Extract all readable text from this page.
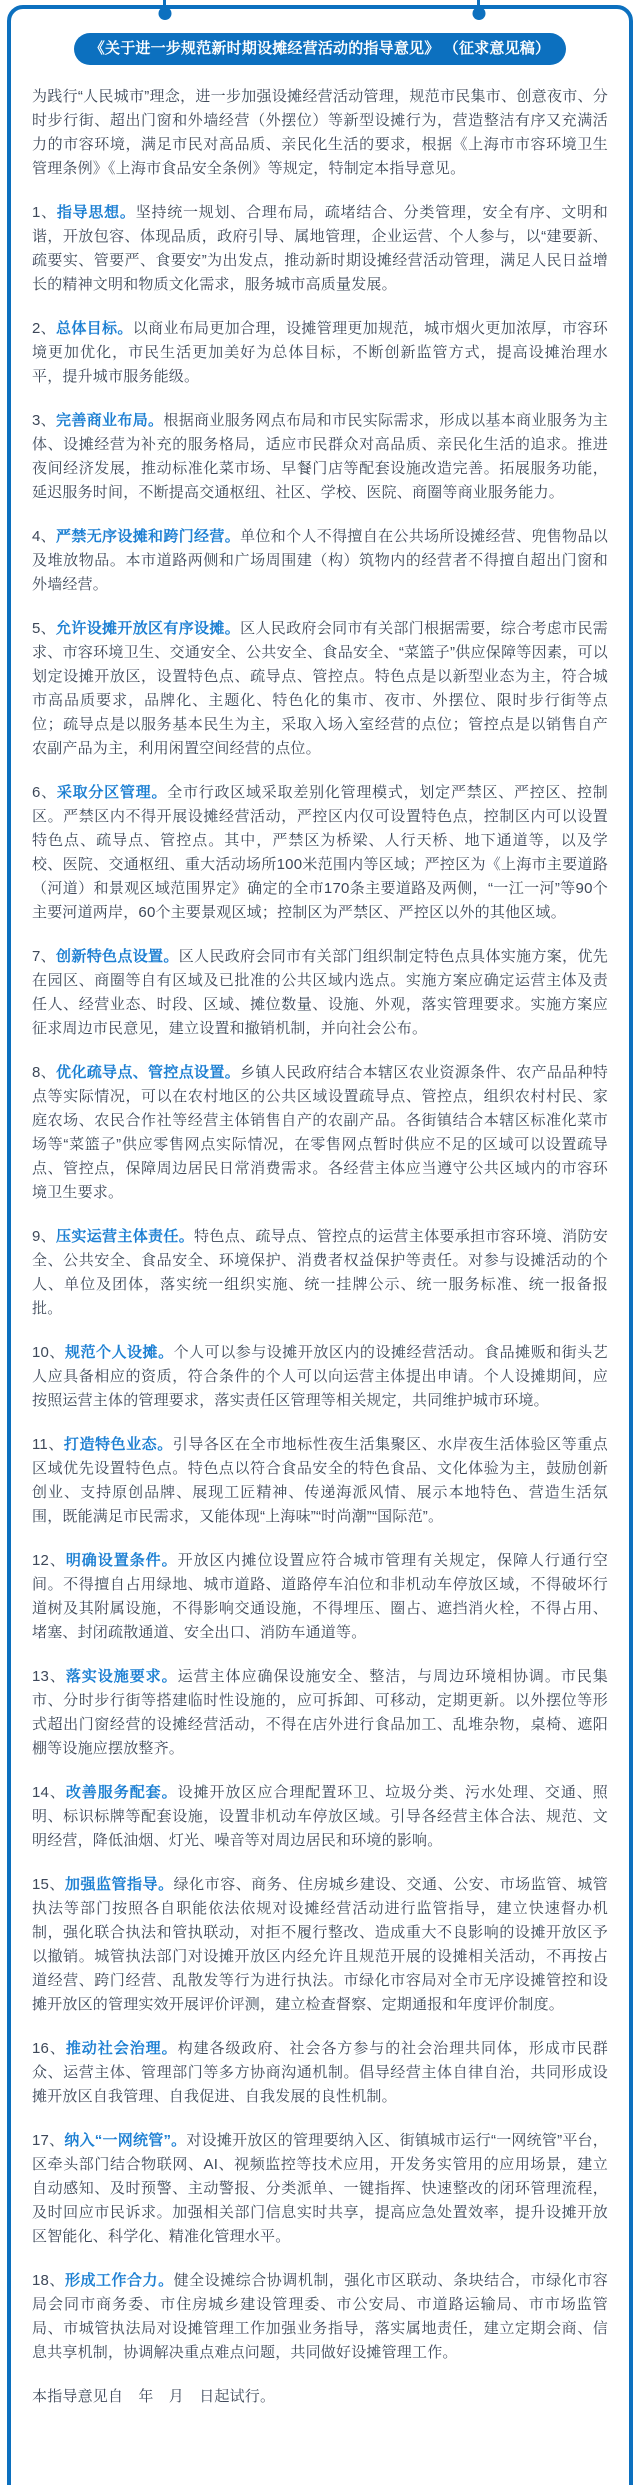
《关于进一步规范新时期设摊经营活动的指导意见》 （征求意见稿）

为践行“人民城市”理念，进一步加强设摊经营活动管理，规范市民集市、创意夜市、分时步行街、超出门窗和外墙经营（外摆位）等新型设摊行为，营造整洁有序又充满活力的市容环境，满足市民对高品质、亲民化生活的要求，根据《上海市市容环境卫生管理条例》《上海市食品安全条例》等规定，特制定本指导意见。

1、指导思想。坚持统一规划、合理布局，疏堵结合、分类管理，安全有序、文明和谐，开放包容、体现品质，政府引导、属地管理，企业运营、个人参与，以“建要新、疏要实、管要严、食要安”为出发点，推动新时期设摊经营活动管理，满足人民日益增长的精神文明和物质文化需求，服务城市高质量发展。

2、总体目标。以商业布局更加合理，设摊管理更加规范，城市烟火更加浓厚，市容环境更加优化，市民生活更加美好为总体目标，不断创新监管方式，提高设摊治理水平，提升城市服务能级。

3、完善商业布局。根据商业服务网点布局和市民实际需求，形成以基本商业服务为主体、设摊经营为补充的服务格局，适应市民群众对高品质、亲民化生活的追求。推进夜间经济发展，推动标准化菜市场、早餐门店等配套设施改造完善。拓展服务功能，延迟服务时间，不断提高交通枢纽、社区、学校、医院、商圈等商业服务能力。

4、严禁无序设摊和跨门经营。单位和个人不得擅自在公共场所设摊经营、兜售物品以及堆放物品。本市道路两侧和广场周围建（构）筑物内的经营者不得擅自超出门窗和外墙经营。

5、允许设摊开放区有序设摊。区人民政府会同市有关部门根据需要，综合考虑市民需求、市容环境卫生、交通安全、公共安全、食品安全、“菜篮子”供应保障等因素，可以划定设摊开放区，设置特色点、疏导点、管控点。特色点是以新型业态为主，符合城市高品质要求，品牌化、主题化、特色化的集市、夜市、外摆位、限时步行街等点位；疏导点是以服务基本民生为主，采取入场入室经营的点位；管控点是以销售自产农副产品为主，利用闲置空间经营的点位。

6、采取分区管理。全市行政区域采取差别化管理模式，划定严禁区、严控区、控制区。严禁区内不得开展设摊经营活动，严控区内仅可设置特色点，控制区内可以设置特色点、疏导点、管控点。其中，严禁区为桥梁、人行天桥、地下通道等，以及学校、医院、交通枢纽、重大活动场所100米范围内等区域；严控区为《上海市主要道路（河道）和景观区域范围界定》确定的全市170条主要道路及两侧，“一江一河”等90个主要河道两岸，60个主要景观区域；控制区为严禁区、严控区以外的其他区域。

7、创新特色点设置。区人民政府会同市有关部门组织制定特色点具体实施方案，优先在园区、商圈等自有区域及已批准的公共区域内选点。实施方案应确定运营主体及责任人、经营业态、时段、区域、摊位数量、设施、外观，落实管理要求。实施方案应征求周边市民意见，建立设置和撤销机制，并向社会公布。

8、优化疏导点、管控点设置。乡镇人民政府结合本辖区农业资源条件、农产品品种特点等实际情况，可以在农村地区的公共区域设置疏导点、管控点，组织农村村民、家庭农场、农民合作社等经营主体销售自产的农副产品。各街镇结合本辖区标准化菜市场等“菜篮子”供应零售网点实际情况，在零售网点暂时供应不足的区域可以设置疏导点、管控点，保障周边居民日常消费需求。各经营主体应当遵守公共区域内的市容环境卫生要求。

9、压实运营主体责任。特色点、疏导点、管控点的运营主体要承担市容环境、消防安全、公共安全、食品安全、环境保护、消费者权益保护等责任。对参与设摊活动的个人、单位及团体，落实统一组织实施、统一挂牌公示、统一服务标准、统一报备报批。

10、规范个人设摊。个人可以参与设摊开放区内的设摊经营活动。食品摊贩和街头艺人应具备相应的资质，符合条件的个人可以向运营主体提出申请。个人设摊期间，应按照运营主体的管理要求，落实责任区管理等相关规定，共同维护城市环境。

11、打造特色业态。引导各区在全市地标性夜生活集聚区、水岸夜生活体验区等重点区域优先设置特色点。特色点以符合食品安全的特色食品、文化体验为主，鼓励创新创业、支持原创品牌、展现工匠精神、传递海派风情、展示本地特色、营造生活氛围，既能满足市民需求，又能体现“上海味”“时尚潮”“国际范”。

12、明确设置条件。开放区内摊位设置应符合城市管理有关规定，保障人行通行空间。不得擅自占用绿地、城市道路、道路停车泊位和非机动车停放区域，不得破坏行道树及其附属设施，不得影响交通设施，不得埋压、圈占、遮挡消火栓，不得占用、堵塞、封闭疏散通道、安全出口、消防车通道等。

13、落实设施要求。运营主体应确保设施安全、整洁，与周边环境相协调。市民集市、分时步行街等搭建临时性设施的，应可拆卸、可移动，定期更新。以外摆位等形式超出门窗经营的设摊经营活动，不得在店外进行食品加工、乱堆杂物，桌椅、遮阳棚等设施应摆放整齐。

14、改善服务配套。设摊开放区应合理配置环卫、垃圾分类、污水处理、交通、照明、标识标牌等配套设施，设置非机动车停放区域。引导各经营主体合法、规范、文明经营，降低油烟、灯光、噪音等对周边居民和环境的影响。

15、加强监管指导。绿化市容、商务、住房城乡建设、交通、公安、市场监管、城管执法等部门按照各自职能依法依规对设摊经营活动进行监管指导，建立快速督办机制，强化联合执法和管执联动，对拒不履行整改、造成重大不良影响的设摊开放区予以撤销。城管执法部门对设摊开放区内经允许且规范开展的设摊相关活动，不再按占道经营、跨门经营、乱散发等行为进行执法。市绿化市容局对全市无序设摊管控和设摊开放区的管理实效开展评价评测，建立检查督察、定期通报和年度评价制度。

16、推动社会治理。构建各级政府、社会各方参与的社会治理共同体，形成市民群众、运营主体、管理部门等多方协商沟通机制。倡导经营主体自律自治，共同形成设摊开放区自我管理、自我促进、自我发展的良性机制。

17、纳入“一网统管”。对设摊开放区的管理要纳入区、街镇城市运行“一网统管”平台，区牵头部门结合物联网、AI、视频监控等技术应用，开发务实管用的应用场景，建立自动感知、及时预警、主动警报、分类派单、一键指挥、快速整改的闭环管理流程，及时回应市民诉求。加强相关部门信息实时共享，提高应急处置效率，提升设摊开放区智能化、科学化、精准化管理水平。

18、形成工作合力。健全设摊综合协调机制，强化市区联动、条块结合，市绿化市容局会同市商务委、市住房城乡建设管理委、市公安局、市道路运输局、市市场监管局、市城管执法局对设摊管理工作加强业务指导，落实属地责任，建立定期会商、信息共享机制，协调解决重点难点问题，共同做好设摊管理工作。

本指导意见自　年　月　日起试行。
